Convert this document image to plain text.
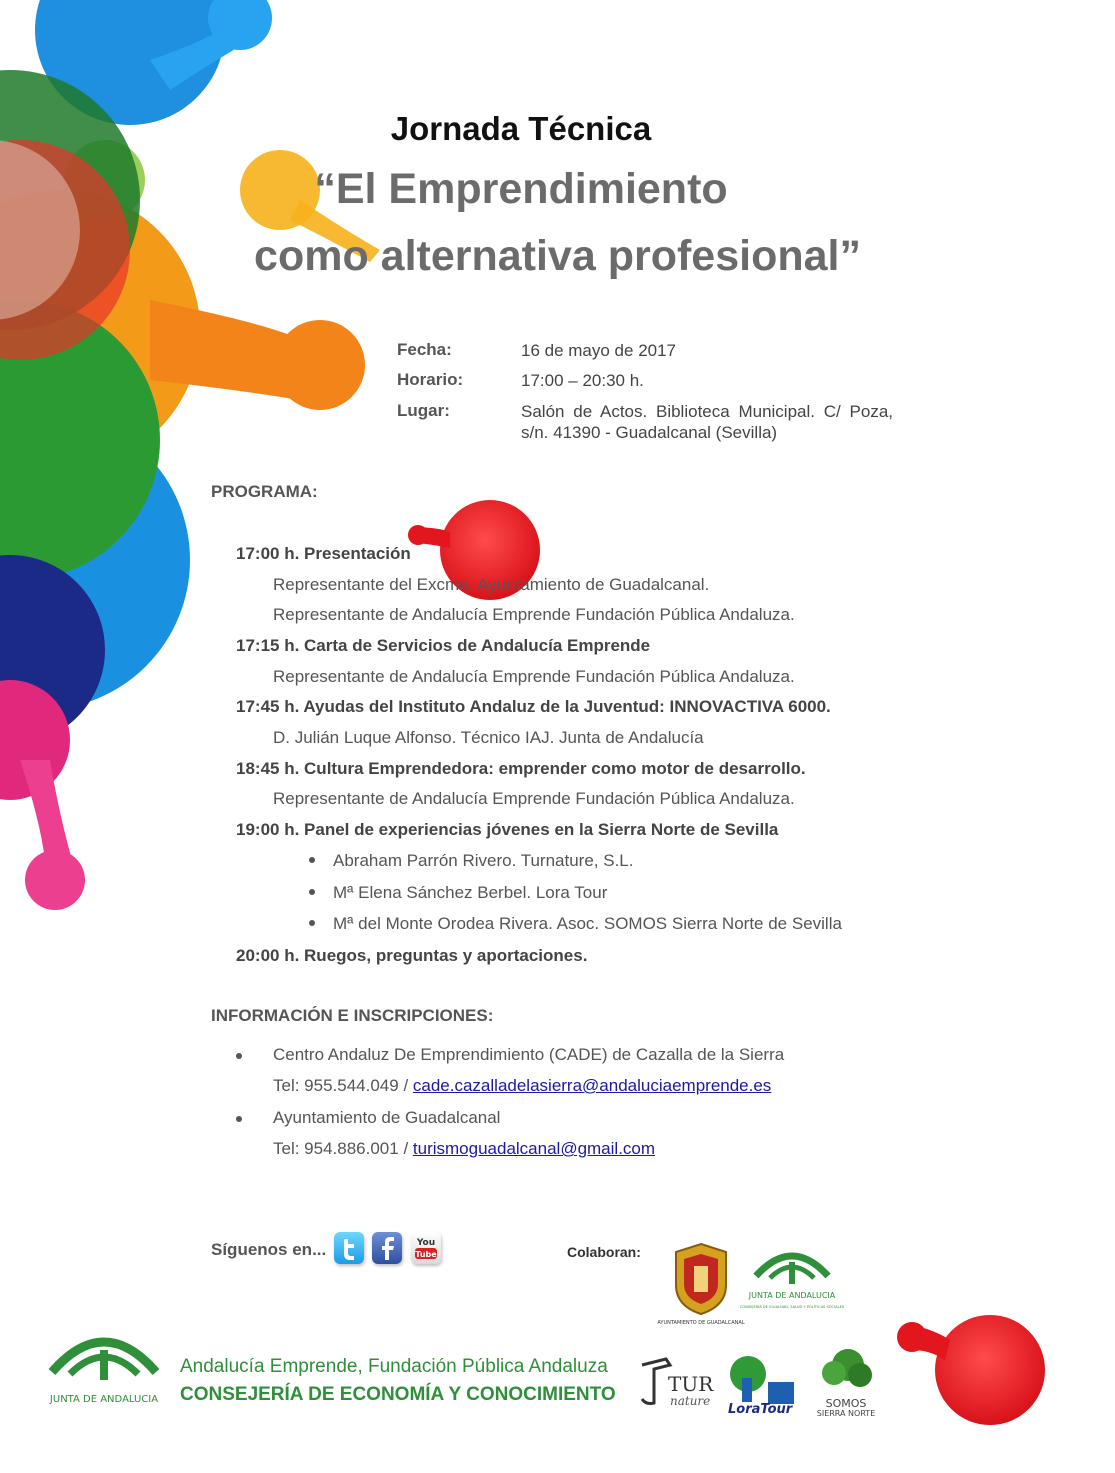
Jornada Técnica
“El Emprendimiento
como alternativa profesional”
Fecha:	16 de mayo de 2017
Horario:	17:00 – 20:30 h.
Lugar:	Salón de Actos. Biblioteca Municipal. C/ Poza, s/n. 41390 - Guadalcanal (Sevilla)
PROGRAMA:
17:00 h. Presentación
Representante del Excmo. Ayuntamiento de Guadalcanal.
Representante de Andalucía Emprende Fundación Pública Andaluza.
17:15 h. Carta de Servicios de Andalucía Emprende
Representante de Andalucía Emprende Fundación Pública Andaluza.
17:45 h. Ayudas del Instituto Andaluz de la Juventud: INNOVACTIVA 6000.
D. Julián Luque Alfonso. Técnico IAJ. Junta de Andalucía
18:45 h. Cultura Emprendedora: emprender como motor de desarrollo.
Representante de Andalucía Emprende Fundación Pública Andaluza.
19:00 h. Panel de experiencias jóvenes en la Sierra Norte de Sevilla
Abraham Parrón Rivero. Turnature, S.L.
Mª Elena Sánchez Berbel. Lora Tour
Mª del Monte Orodea Rivera. Asoc. SOMOS Sierra Norte de Sevilla
20:00 h. Ruegos, preguntas y aportaciones.
INFORMACIÓN E INSCRIPCIONES:
Centro Andaluz De Emprendimiento (CADE) de Cazalla de la Sierra
Tel: 955.544.049 / cade.cazalladelasierra@andaluciaemprende.es
Ayuntamiento de Guadalcanal
Tel: 954.886.001 / turismoguadalcanal@gmail.com
Síguenos en...	You
Tube	Colaboran:
AYUNTAMIENTO DE GUADALCANAL
JUNTA DE ANDALUCIA
CONSEJERÍA DE IGUALDAD, SALUD Y POLÍTICAS SOCIALES
TUR
nature
LoraTour	SOMOS
SIERRA NORTE
JUNTA DE ANDALUCIA
Andalucía Emprende, Fundación Pública Andaluza
CONSEJERÍA DE ECONOMÍA Y CONOCIMIENTO
